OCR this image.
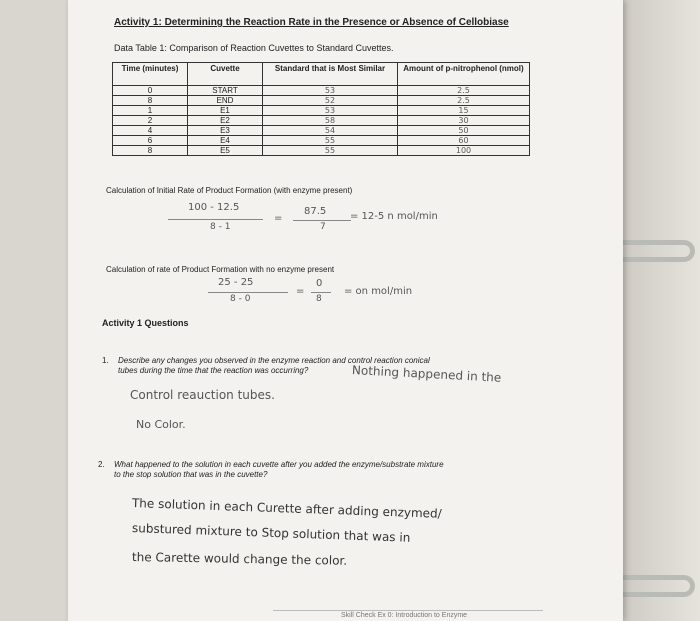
Activity 1: Determining the Reaction Rate in the Presence or Absence of Cellobiase
Data Table 1: Comparison of Reaction Cuvettes to Standard Cuvettes.
Time (minutes)	Cuvette	Standard that is Most Similar	Amount of p-nitrophenol (nmol)
0	START	53	2.5
8	END	52	2.5
1	E1	53	15
2	E2	58	30
4	E3	54	50
6	E4	55	60
8	E5	55	100
Calculation of Initial Rate of Product Formation (with enzyme present)
100 - 12.5
8 - 1
=
87.5
7
= 12-5 n mol/min
Calculation of rate of Product Formation with no enzyme present
25 - 25
8 - 0
=
0
8
= on mol/min
Activity 1 Questions
1. Describe any changes you observed in the enzyme reaction and control reaction conical
tubes during the time that the reaction was occurring?	Nothing happened in the
Control reauction tubes.
No Color.
2. What happened to the solution in each cuvette after you added the enzyme/substrate mixture
to the stop solution that was in the cuvette?
The solution in each Curette after adding enzymed/
substured mixture to Stop solution that was in
the Carette would change the color.
Skill Check Ex 0: Introduction to Enzyme
